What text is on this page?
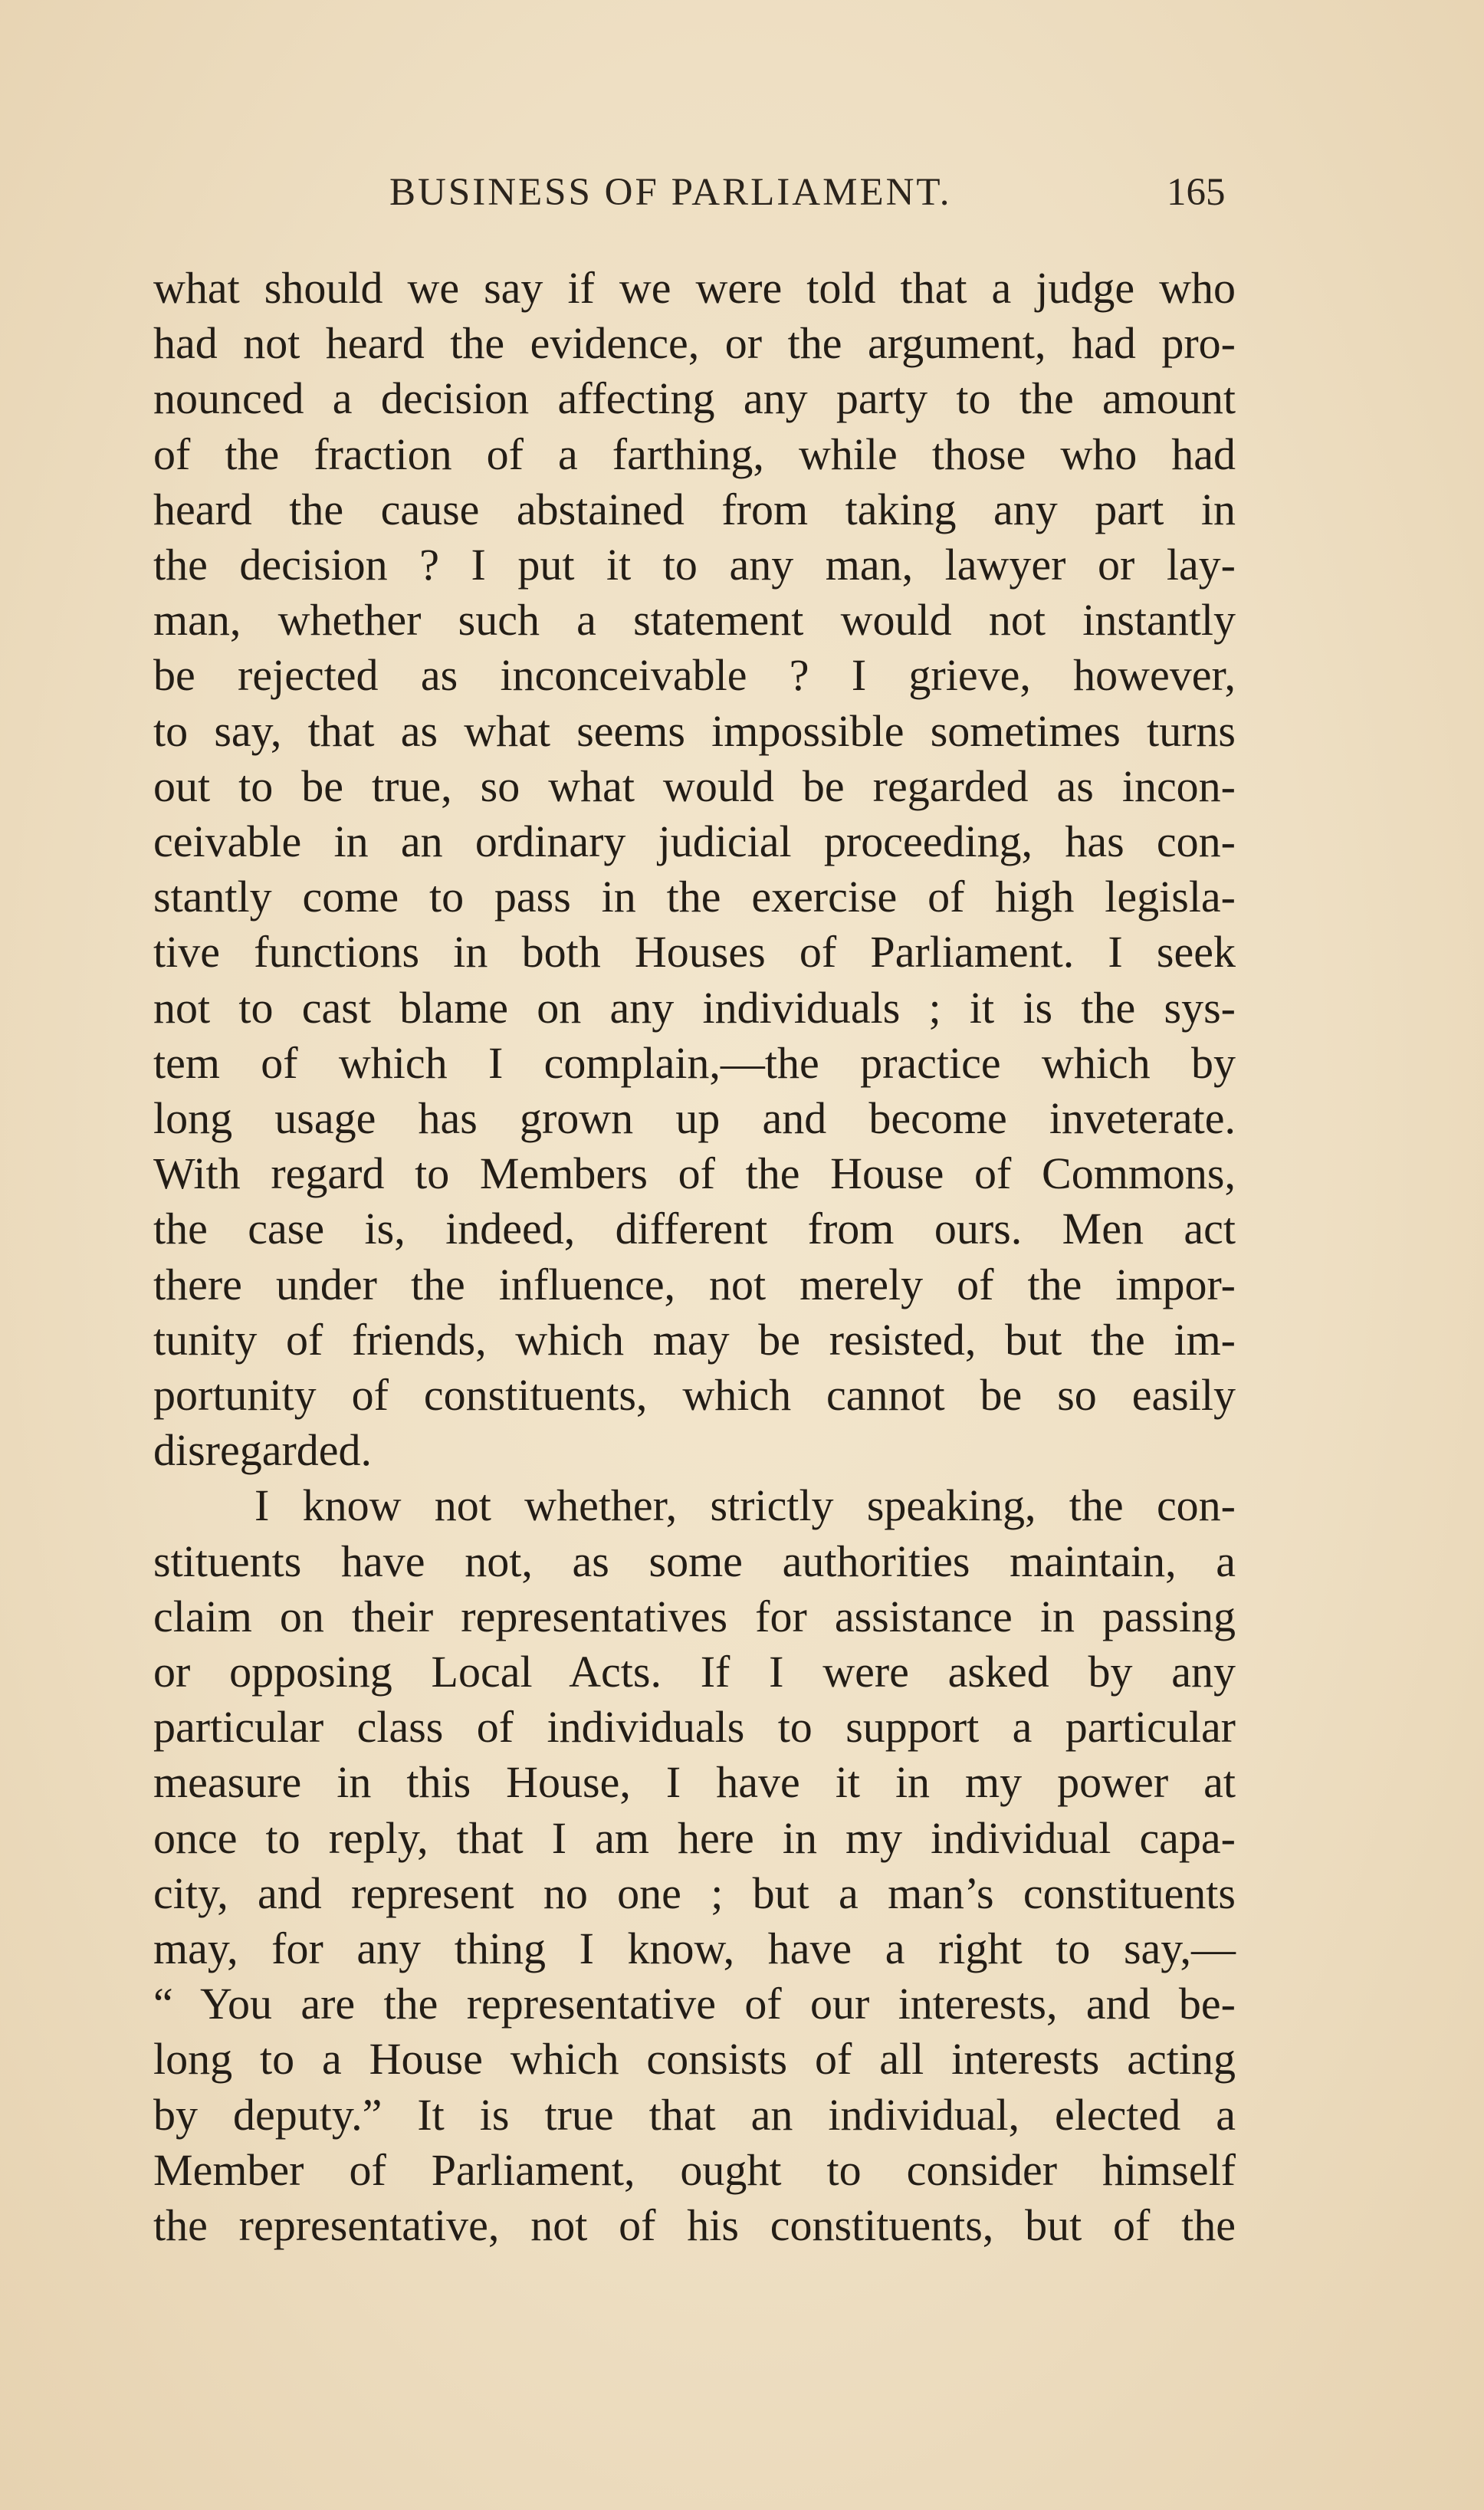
BUSINESS OF PARLIAMENT.	165
what should we say if we were told that a judge who
had not heard the evidence, or the argument, had pro-
nounced a decision affecting any party to the amount
of the fraction of a farthing, while those who had
heard the cause abstained from taking any part in
the decision ? I put it to any man, lawyer or lay-
man, whether such a statement would not instantly
be rejected as inconceivable ? I grieve, however,
to say, that as what seems impossible sometimes turns
out to be true, so what would be regarded as incon-
ceivable in an ordinary judicial proceeding, has con-
stantly come to pass in the exercise of high legisla-
tive functions in both Houses of Parliament. I seek
not to cast blame on any individuals ; it is the sys-
tem of which I complain,—the practice which by
long usage has grown up and become inveterate.
With regard to Members of the House of Commons,
the case is, indeed, different from ours. Men act
there under the influence, not merely of the impor-
tunity of friends, which may be resisted, but the im-
portunity of constituents, which cannot be so easily
disregarded.
I know not whether, strictly speaking, the con-
stituents have not, as some authorities maintain, a
claim on their representatives for assistance in passing
or opposing Local Acts. If I were asked by any
particular class of individuals to support a particular
measure in this House, I have it in my power at
once to reply, that I am here in my individual capa-
city, and represent no one ; but a man’s constituents
may, for any thing I know, have a right to say,—
“ You are the representative of our interests, and be-
long to a House which consists of all interests acting
by deputy.” It is true that an individual, elected a
Member of Parliament, ought to consider himself
the representative, not of his constituents, but of the
